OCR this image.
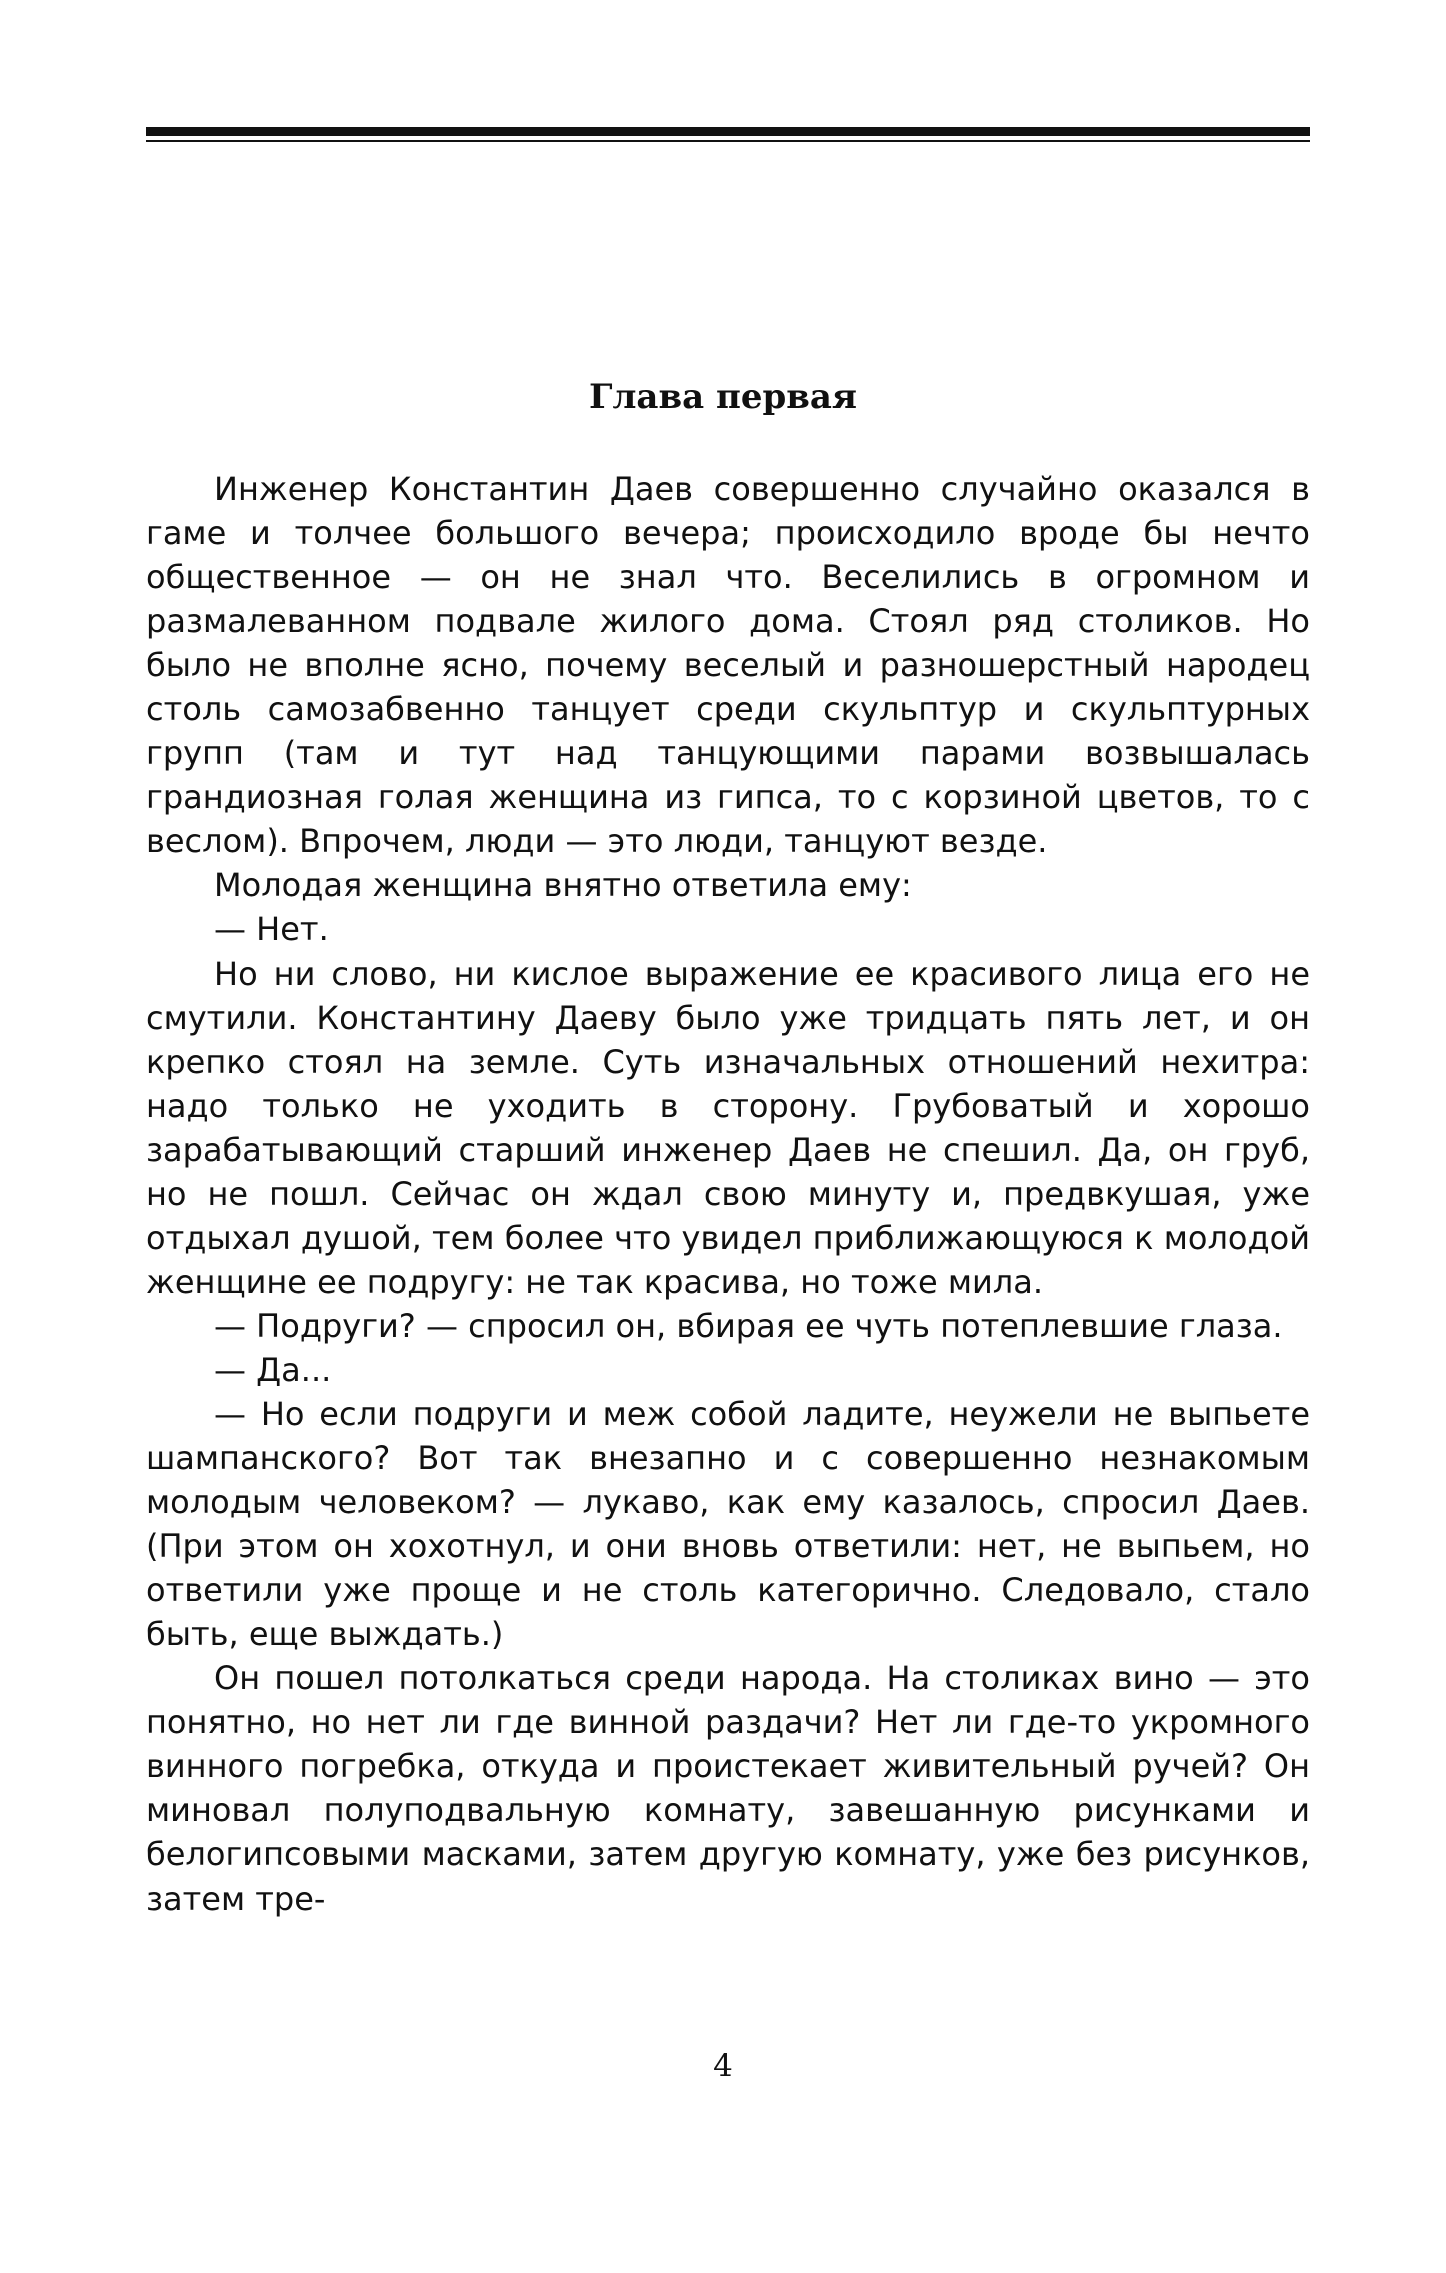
Глава первая

Инженер Константин Даев совершенно случайно оказался в гаме и толчее большого вечера; происходило вроде бы нечто общественное — он не знал что. Веселились в огромном и размалеванном подвале жилого дома. Стоял ряд столиков. Но было не вполне ясно, почему веселый и разношерстный народец столь самозабвенно танцует среди скульптур и скульптурных групп (там и тут над танцующими парами возвышалась грандиозная голая женщина из гипса, то с корзиной цветов, то с веслом). Впрочем, люди — это люди, танцуют везде.

Молодая женщина внятно ответила ему:

— Нет.

Но ни слово, ни кислое выражение ее красивого лица его не смутили. Константину Даеву было уже тридцать пять лет, и он крепко стоял на земле. Суть изначальных отношений нехитра: надо только не уходить в сторону. Грубоватый и хорошо зарабатывающий старший инженер Даев не спешил. Да, он груб, но не пошл. Сейчас он ждал свою минуту и, предвкушая, уже отдыхал душой, тем более что увидел приближающуюся к молодой женщине ее подругу: не так красива, но тоже мила.

— Подруги? — спросил он, вбирая ее чуть потеплевшие глаза.

— Да...

— Но если подруги и меж собой ладите, неужели не выпьете шампанского? Вот так внезапно и с совершенно незнакомым молодым человеком? — лукаво, как ему казалось, спросил Даев. (При этом он хохотнул, и они вновь ответили: нет, не выпьем, но ответили уже проще и не столь категорично. Следовало, стало быть, еще выждать.)

Он пошел потолкаться среди народа. На столиках вино — это понятно, но нет ли где винной раздачи? Нет ли где-то укромного винного погребка, откуда и проистекает живительный ручей? Он миновал полуподвальную комнату, завешанную рисунками и белогипсовыми масками, затем другую комнату, уже без рисунков, затем тре-

4
